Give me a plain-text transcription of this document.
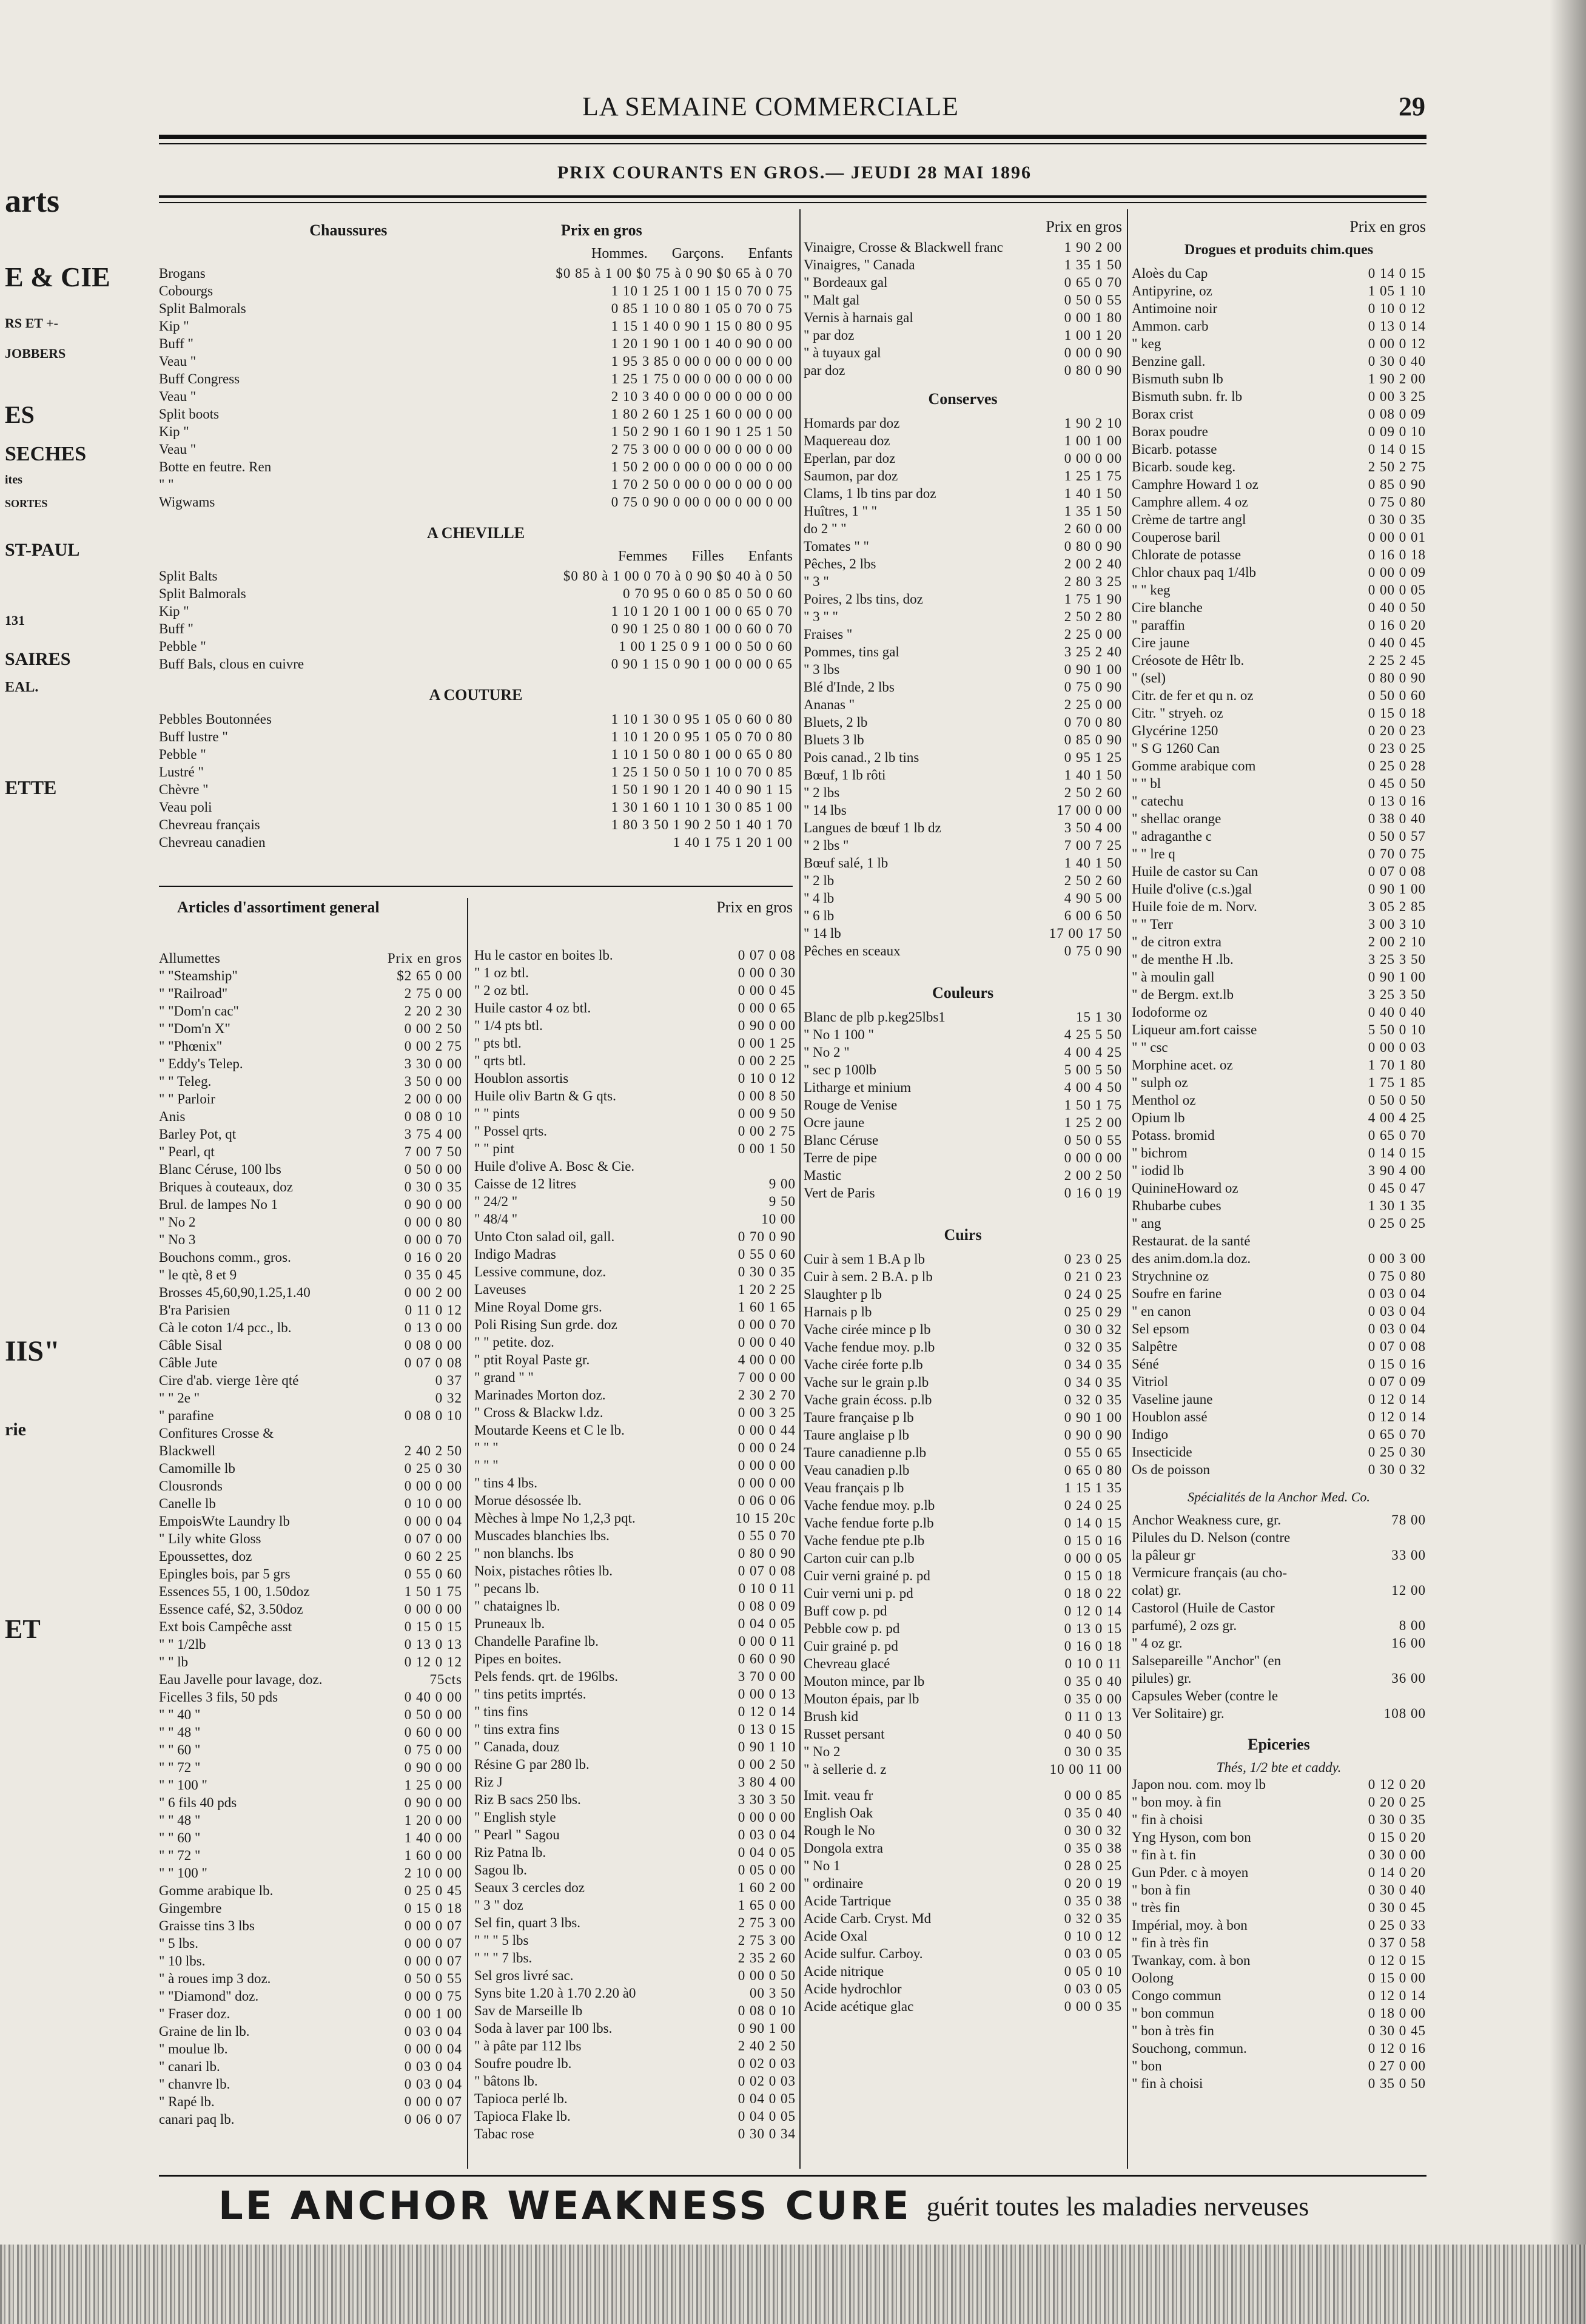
arts
E & CIE
RS ET +-
JOBBERS
ES
SECHES
ites
SORTES
ST-PAUL
131
SAIRES
EAL.
ETTE
IIS"
rie
ET
LA SEMAINE COMMERCIALE	29
PRIX COURANTS EN GROS.— JEUDI 28 MAI 1896
Chaussures	Prix en gros
Hommes. Garçons. Enfants
Brogans	$0 85 à 1 00 $0 75 à 0 90 $0 65 à 0 70
Cobourgs	1 10 1 25 1 00 1 15 0 70 0 75
Split Balmorals	0 85 1 10 0 80 1 05 0 70 0 75
Kip "	1 15 1 40 0 90 1 15 0 80 0 95
Buff "	1 20 1 90 1 00 1 40 0 90 0 00
Veau "	1 95 3 85 0 00 0 00 0 00 0 00
Buff Congress	1 25 1 75 0 00 0 00 0 00 0 00
Veau "	2 10 3 40 0 00 0 00 0 00 0 00
Split boots	1 80 2 60 1 25 1 60 0 00 0 00
Kip "	1 50 2 90 1 60 1 90 1 25 1 50
Veau "	2 75 3 00 0 00 0 00 0 00 0 00
Botte en feutre. Ren	1 50 2 00 0 00 0 00 0 00 0 00
" "	1 70 2 50 0 00 0 00 0 00 0 00
Wigwams	0 75 0 90 0 00 0 00 0 00 0 00
A CHEVILLE
Femmes Filles Enfants
Split Balts	$0 80 à 1 00 0 70 à 0 90 $0 40 à 0 50
Split Balmorals	0 70 95 0 60 0 85 0 50 0 60
Kip "	1 10 1 20 1 00 1 00 0 65 0 70
Buff "	0 90 1 25 0 80 1 00 0 60 0 70
Pebble "	1 00 1 25 0 9 1 00 0 50 0 60
Buff Bals, clous en cuivre	0 90 1 15 0 90 1 00 0 00 0 65
A COUTURE
Pebbles Boutonnées	1 10 1 30 0 95 1 05 0 60 0 80
Buff lustre "	1 10 1 20 0 95 1 05 0 70 0 80
Pebble "	1 10 1 50 0 80 1 00 0 65 0 80
Lustré "	1 25 1 50 0 50 1 10 0 70 0 85
Chèvre "	1 50 1 90 1 20 1 40 0 90 1 15
Veau poli	1 30 1 60 1 10 1 30 0 85 1 00
Chevreau français	1 80 3 50 1 90 2 50 1 40 1 70
Chevreau canadien	1 40 1 75 1 20 1 00
Articles d'assortiment general	Prix en gros
Allumettes	Prix en gros
" "Steamship"	$2 65 0 00
" "Railroad"	2 75 0 00
" "Dom'n cac"	2 20 2 30
" "Dom'n X"	0 00 2 50
" "Phœnix"	0 00 2 75
" Eddy's Telep.	3 30 0 00
" " Teleg.	3 50 0 00
" " Parloir	2 00 0 00
Anis	0 08 0 10
Barley Pot, qt	3 75 4 00
" Pearl, qt	7 00 7 50
Blanc Céruse, 100 lbs	0 50 0 00
Briques à couteaux, doz	0 30 0 35
Brul. de lampes No 1	0 90 0 00
" No 2	0 00 0 80
" No 3	0 00 0 70
Bouchons comm., gros.	0 16 0 20
" le qtè, 8 et 9	0 35 0 45
Brosses 45,60,90,1.25,1.40	0 00 2 00
B'ra Parisien	0 11 0 12
Cà le coton 1/4 pcc., lb.	0 13 0 00
Câble Sisal	0 08 0 00
Câble Jute	0 07 0 08
Cire d'ab. vierge 1ère qté	0 37
" " 2e "	0 32
" parafine	0 08 0 10
Confitures Crosse &
Blackwell	2 40 2 50
Camomille lb	0 25 0 30
Clousronds	0 00 0 00
Canelle lb	0 10 0 00
EmpoisWte Laundry lb	0 00 0 04
" Lily white Gloss	0 07 0 00
Epoussettes, doz	0 60 2 25
Epingles bois, par 5 grs	0 55 0 60
Essences 55, 1 00, 1.50doz	1 50 1 75
Essence café, $2, 3.50doz	0 00 0 00
Ext bois Campêche asst	0 15 0 15
" " 1/2lb	0 13 0 13
" " lb	0 12 0 12
Eau Javelle pour lavage, doz.	75cts
Ficelles 3 fils, 50 pds	0 40 0 00
" " 40 "	0 50 0 00
" " 48 "	0 60 0 00
" " 60 "	0 75 0 00
" " 72 "	0 90 0 00
" " 100 "	1 25 0 00
" 6 fils 40 pds	0 90 0 00
" " 48 "	1 20 0 00
" " 60 "	1 40 0 00
" " 72 "	1 60 0 00
" " 100 "	2 10 0 00
Gomme arabique lb.	0 25 0 45
Gingembre	0 15 0 18
Graisse tins 3 lbs	0 00 0 07
" 5 lbs.	0 00 0 07
" 10 lbs.	0 00 0 07
" à roues imp 3 doz.	0 50 0 55
" "Diamond" doz.	0 00 0 75
" Fraser doz.	0 00 1 00
Graine de lin lb.	0 03 0 04
" moulue lb.	0 00 0 04
" canari lb.	0 03 0 04
" chanvre lb.	0 03 0 04
" Rapé lb.	0 00 0 07
canari paq lb.	0 06 0 07
Hu le castor en boites lb.	0 07 0 08
" 1 oz btl.	0 00 0 30
" 2 oz btl.	0 00 0 45
Huile castor 4 oz btl.	0 00 0 65
" 1/4 pts btl.	0 90 0 00
" pts btl.	0 00 1 25
" qrts btl.	0 00 2 25
Houblon assortis	0 10 0 12
Huile oliv Bartn & G qts.	0 00 8 50
" " pints	0 00 9 50
" Possel qrts.	0 00 2 75
" " pint	0 00 1 50
Huile d'olive A. Bosc & Cie.
Caisse de 12 litres	9 00
" 24/2 "	9 50
" 48/4 "	10 00
Unto Cton salad oil, gall.	0 70 0 90
Indigo Madras	0 55 0 60
Lessive commune, doz.	0 30 0 35
Laveuses	1 20 2 25
Mine Royal Dome grs.	1 60 1 65
Poli Rising Sun grde. doz	0 00 0 70
" " petite. doz.	0 00 0 40
" ptit Royal Paste gr.	4 00 0 00
" grand " "	7 00 0 00
Marinades Morton doz.	2 30 2 70
" Cross & Blackw l.dz.	0 00 3 25
Moutarde Keens et C le lb.	0 00 0 44
" " "	0 00 0 24
" " "	0 00 0 00
" tins 4 lbs.	0 00 0 00
Morue désossée lb.	0 06 0 06
Mèches à lmpe No 1,2,3 pqt.	10 15 20c
Muscades blanchies lbs.	0 55 0 70
" non blanchs. lbs	0 80 0 90
Noix, pistaches rôties lb.	0 07 0 08
" pecans lb.	0 10 0 11
" chataignes lb.	0 08 0 09
Pruneaux lb.	0 04 0 05
Chandelle Parafine lb.	0 00 0 11
Pipes en boites.	0 60 0 90
Pels fends. qrt. de 196lbs.	3 70 0 00
" tins petits imprtés.	0 00 0 13
" tins fins	0 12 0 14
" tins extra fins	0 13 0 15
" Canada, douz	0 90 1 10
Résine G par 280 lb.	0 00 2 50
Riz J	3 80 4 00
Riz B sacs 250 lbs.	3 30 3 50
" English style	0 00 0 00
" Pearl " Sagou	0 03 0 04
Riz Patna lb.	0 04 0 05
Sagou lb.	0 05 0 00
Seaux 3 cercles doz	1 60 2 00
" 3 " doz	1 65 0 00
Sel fin, quart 3 lbs.	2 75 3 00
" " " 5 lbs	2 75 3 00
" " " 7 lbs.	2 35 2 60
Sel gros livré sac.	0 00 0 50
Syns bite 1.20 à 1.70 2.20 à0	00 3 50
Sav de Marseille lb	0 08 0 10
Soda à laver par 100 lbs.	0 90 1 00
" à pâte par 112 lbs	2 40 2 50
Soufre poudre lb.	0 02 0 03
" bâtons lb.	0 02 0 03
Tapioca perlé lb.	0 04 0 05
Tapioca Flake lb.	0 04 0 05
Tabac rose	0 30 0 34
Prix en gros
Vinaigre, Crosse & Blackwell franc	1 90 2 00
Vinaigres, " Canada	1 35 1 50
" Bordeaux gal	0 65 0 70
" Malt gal	0 50 0 55
Vernis à harnais gal	0 00 1 80
" par doz	1 00 1 20
" à tuyaux gal	0 00 0 90
par doz	0 80 0 90
Conserves
Homards par doz	1 90 2 10
Maquereau doz	1 00 1 00
Eperlan, par doz	0 00 0 00
Saumon, par doz	1 25 1 75
Clams, 1 lb tins par doz	1 40 1 50
Huîtres, 1 " "	1 35 1 50
do 2 " "	2 60 0 00
Tomates " "	0 80 0 90
Pêches, 2 lbs	2 00 2 40
" 3 "	2 80 3 25
Poires, 2 lbs tins, doz	1 75 1 90
" 3 " "	2 50 2 80
Fraises "	2 25 0 00
Pommes, tins gal	3 25 2 40
" 3 lbs	0 90 1 00
Blé d'Inde, 2 lbs	0 75 0 90
Ananas "	2 25 0 00
Bluets, 2 lb	0 70 0 80
Bluets 3 lb	0 85 0 90
Pois canad., 2 lb tins	0 95 1 25
Bœuf, 1 lb rôti	1 40 1 50
" 2 lbs	2 50 2 60
" 14 lbs	17 00 0 00
Langues de bœuf 1 lb dz	3 50 4 00
" 2 lbs "	7 00 7 25
Bœuf salé, 1 lb	1 40 1 50
" 2 lb	2 50 2 60
" 4 lb	4 90 5 00
" 6 lb	6 00 6 50
" 14 lb	17 00 17 50
Pêches en sceaux	0 75 0 90
Couleurs
Blanc de plb p.keg25lbs1	15 1 30
" No 1 100 "	4 25 5 50
" No 2 "	4 00 4 25
" sec p 100lb	5 00 5 50
Litharge et minium	4 00 4 50
Rouge de Venise	1 50 1 75
Ocre jaune	1 25 2 00
Blanc Céruse	0 50 0 55
Terre de pipe	0 00 0 00
Mastic	2 00 2 50
Vert de Paris	0 16 0 19
Cuirs
Cuir à sem 1 B.A p lb	0 23 0 25
Cuir à sem. 2 B.A. p lb	0 21 0 23
Slaughter p lb	0 24 0 25
Harnais p lb	0 25 0 29
Vache cirée mince p lb	0 30 0 32
Vache fendue moy. p.lb	0 32 0 35
Vache cirée forte p.lb	0 34 0 35
Vache sur le grain p.lb	0 34 0 35
Vache grain écoss. p.lb	0 32 0 35
Taure française p lb	0 90 1 00
Taure anglaise p lb	0 90 0 90
Taure canadienne p.lb	0 55 0 65
Veau canadien p.lb	0 65 0 80
Veau français p lb	1 15 1 35
Vache fendue moy. p.lb	0 24 0 25
Vache fendue forte p.lb	0 14 0 15
Vache fendue pte p.lb	0 15 0 16
Carton cuir can p.lb	0 00 0 05
Cuir verni grainé p. pd	0 15 0 18
Cuir verni uni p. pd	0 18 0 22
Buff cow p. pd	0 12 0 14
Pebble cow p. pd	0 13 0 15
Cuir grainé p. pd	0 16 0 18
Chevreau glacé	0 10 0 11
Mouton mince, par lb	0 35 0 40
Mouton épais, par lb	0 35 0 00
Brush kid	0 11 0 13
Russet persant	0 40 0 50
" No 2	0 30 0 35
" à sellerie d. z	10 00 11 00
Imit. veau fr	0 00 0 85
English Oak	0 35 0 40
Rough le No	0 30 0 32
Dongola extra	0 35 0 38
" No 1	0 28 0 25
" ordinaire	0 20 0 19
Acide Tartrique	0 35 0 38
Acide Carb. Cryst. Md	0 32 0 35
Acide Oxal	0 10 0 12
Acide sulfur. Carboy.	0 03 0 05
Acide nitrique	0 05 0 10
Acide hydrochlor	0 03 0 05
Acide acétique glac	0 00 0 35
Prix en gros
Drogues et produits chim.ques
Aloès du Cap	0 14 0 15
Antipyrine, oz	1 05 1 10
Antimoine noir	0 10 0 12
Ammon. carb	0 13 0 14
" keg	0 00 0 12
Benzine gall.	0 30 0 40
Bismuth subn lb	1 90 2 00
Bismuth subn. fr. lb	0 00 3 25
Borax crist	0 08 0 09
Borax poudre	0 09 0 10
Bicarb. potasse	0 14 0 15
Bicarb. soude keg.	2 50 2 75
Camphre Howard 1 oz	0 85 0 90
Camphre allem. 4 oz	0 75 0 80
Crème de tartre angl	0 30 0 35
Couperose baril	0 00 0 01
Chlorate de potasse	0 16 0 18
Chlor chaux paq 1/4lb	0 00 0 09
" " keg	0 00 0 05
Cire blanche	0 40 0 50
" paraffin	0 16 0 20
Cire jaune	0 40 0 45
Créosote de Hêtr lb.	2 25 2 45
" (sel)	0 80 0 90
Citr. de fer et qu n. oz	0 50 0 60
Citr. " stryeh. oz	0 15 0 18
Glycérine 1250	0 20 0 23
" S G 1260 Can	0 23 0 25
Gomme arabique com	0 25 0 28
" " bl	0 45 0 50
" catechu	0 13 0 16
" shellac orange	0 38 0 40
" adraganthe c	0 50 0 57
" " lre q	0 70 0 75
Huile de castor su Can	0 07 0 08
Huile d'olive (c.s.)gal	0 90 1 00
Huile foie de m. Norv.	3 05 2 85
" " Terr	3 00 3 10
" de citron extra	2 00 2 10
" de menthe H .lb.	3 25 3 50
" à moulin gall	0 90 1 00
" de Bergm. ext.lb	3 25 3 50
Iodoforme oz	0 40 0 40
Liqueur am.fort caisse	5 50 0 10
" " csc	0 00 0 03
Morphine acet. oz	1 70 1 80
" sulph oz	1 75 1 85
Menthol oz	0 50 0 50
Opium lb	4 00 4 25
Potass. bromid	0 65 0 70
" bichrom	0 14 0 15
" iodid lb	3 90 4 00
QuinineHoward oz	0 45 0 47
Rhubarbe cubes	1 30 1 35
" ang	0 25 0 25
Restaurat. de la santé
des anim.dom.la doz.	0 00 3 00
Strychnine oz	0 75 0 80
Soufre en farine	0 03 0 04
" en canon	0 03 0 04
Sel epsom	0 03 0 04
Salpêtre	0 07 0 08
Séné	0 15 0 16
Vitriol	0 07 0 09
Vaseline jaune	0 12 0 14
Houblon assé	0 12 0 14
Indigo	0 65 0 70
Insecticide	0 25 0 30
Os de poisson	0 30 0 32
Spécialités de la Anchor Med. Co.
Anchor Weakness cure, gr.	78 00
Pilules du D. Nelson (contre
la pâleur gr	33 00
Vermicure français (au cho-
colat) gr.	12 00
Castorol (Huile de Castor
parfumé), 2 ozs gr.	8 00
" 4 oz gr.	16 00
Salsepareille "Anchor" (en
pilules) gr.	36 00
Capsules Weber (contre le
Ver Solitaire) gr.	108 00
Epiceries
Thés, 1/2 bte et caddy.
Japon nou. com. moy lb	0 12 0 20
" bon moy. à fin	0 20 0 25
" fin à choisi	0 30 0 35
Yng Hyson, com bon	0 15 0 20
" fin à t. fin	0 30 0 00
Gun Pder. c à moyen	0 14 0 20
" bon à fin	0 30 0 40
" très fin	0 30 0 45
Impérial, moy. à bon	0 25 0 33
" fin à très fin	0 37 0 58
Twankay, com. à bon	0 12 0 15
Oolong	0 15 0 00
Congo commun	0 12 0 14
" bon commun	0 18 0 00
" bon à très fin	0 30 0 45
Souchong, commun.	0 12 0 16
" bon	0 27 0 00
" fin à choisi	0 35 0 50
LE ANCHOR WEAKNESS CURE guérit toutes les maladies nerveuses
